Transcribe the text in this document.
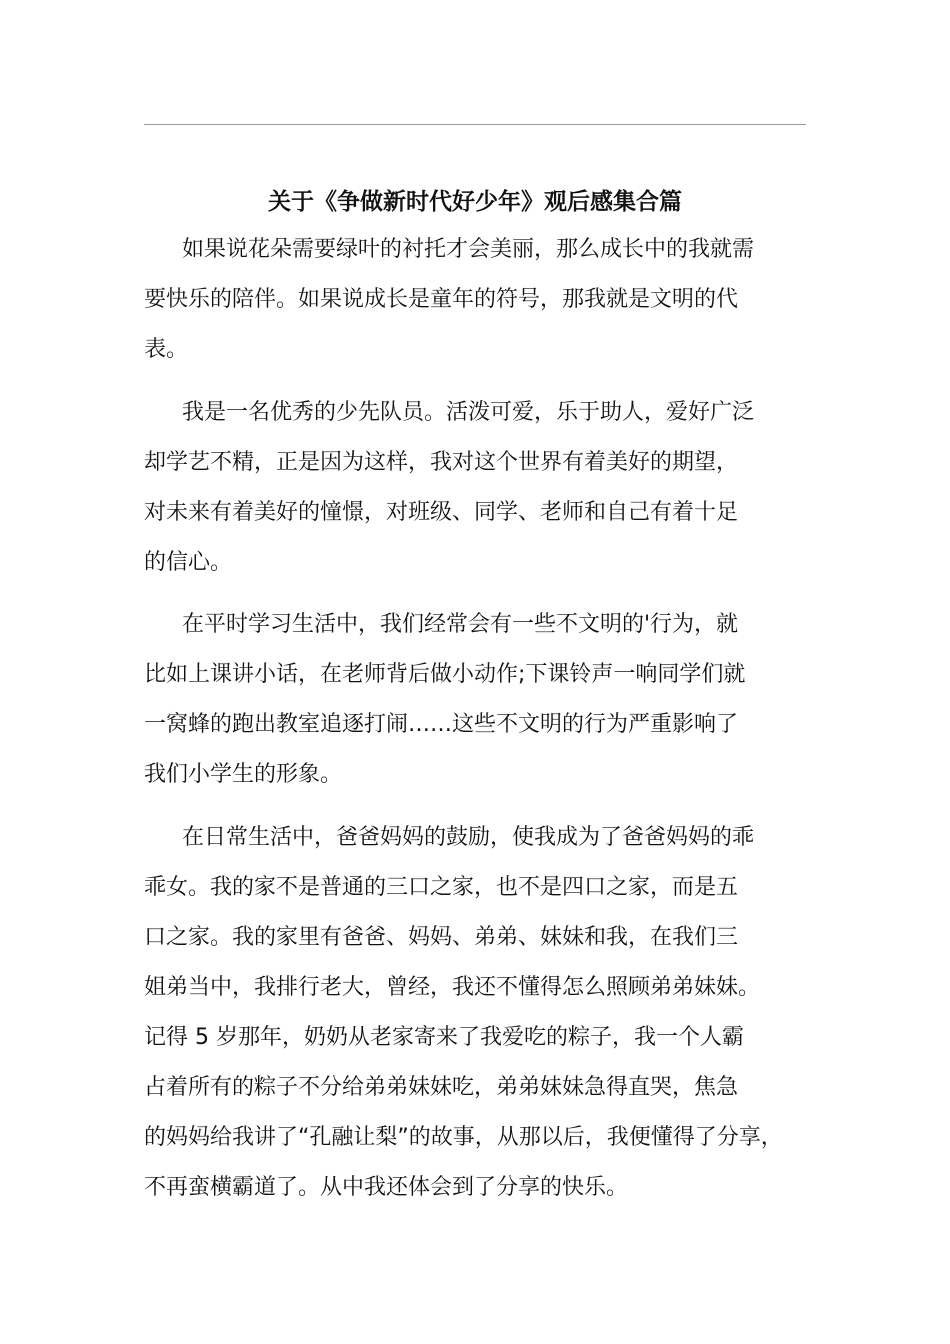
关于《争做新时代好少年》观后感集合篇

如果说花朵需要绿叶的衬托才会美丽，那么成长中的我就需

要快乐的陪伴。如果说成长是童年的符号，那我就是文明的代

表。

我是一名优秀的少先队员。活泼可爱，乐于助人，爱好广泛

却学艺不精，正是因为这样，我对这个世界有着美好的期望，

对未来有着美好的憧憬，对班级、同学、老师和自己有着十足

的信心。

在平时学习生活中，我们经常会有一些不文明的'行为，就

比如上课讲小话，在老师背后做小动作;下课铃声一响同学们就

一窝蜂的跑出教室追逐打闹……这些不文明的行为严重影响了

我们小学生的形象。

在日常生活中，爸爸妈妈的鼓励，使我成为了爸爸妈妈的乖

乖女。我的家不是普通的三口之家，也不是四口之家，而是五

口之家。我的家里有爸爸、妈妈、弟弟、妹妹和我，在我们三

姐弟当中，我排行老大，曾经，我还不懂得怎么照顾弟弟妹妹。

记得 5 岁那年，奶奶从老家寄来了我爱吃的粽子，我一个人霸

占着所有的粽子不分给弟弟妹妹吃，弟弟妹妹急得直哭，焦急

的妈妈给我讲了“孔融让梨”的故事，从那以后，我便懂得了分享，

不再蛮横霸道了。从中我还体会到了分享的快乐。
